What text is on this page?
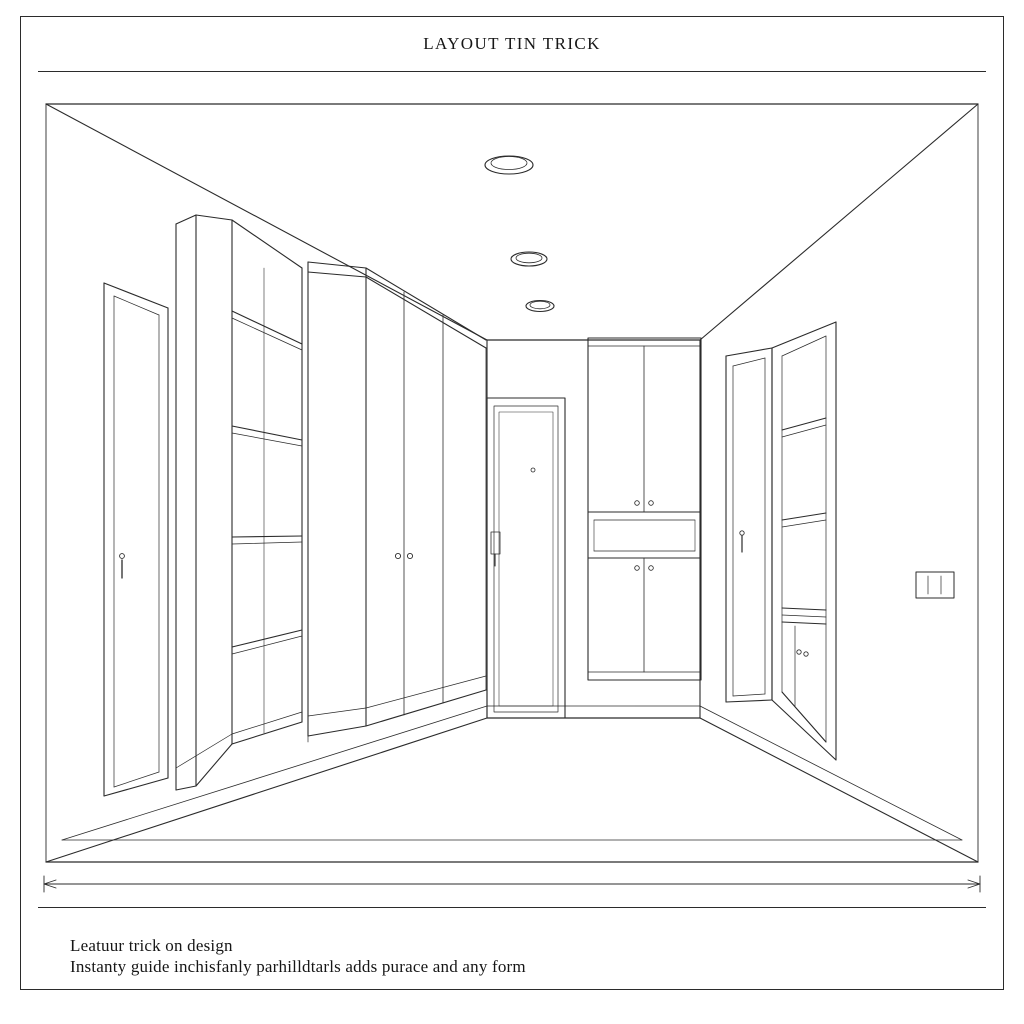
LAYOUT TIN TRICK
Leatuur trick on design
Instanty guide inchisfanly parhilldtarls adds purace and any form
